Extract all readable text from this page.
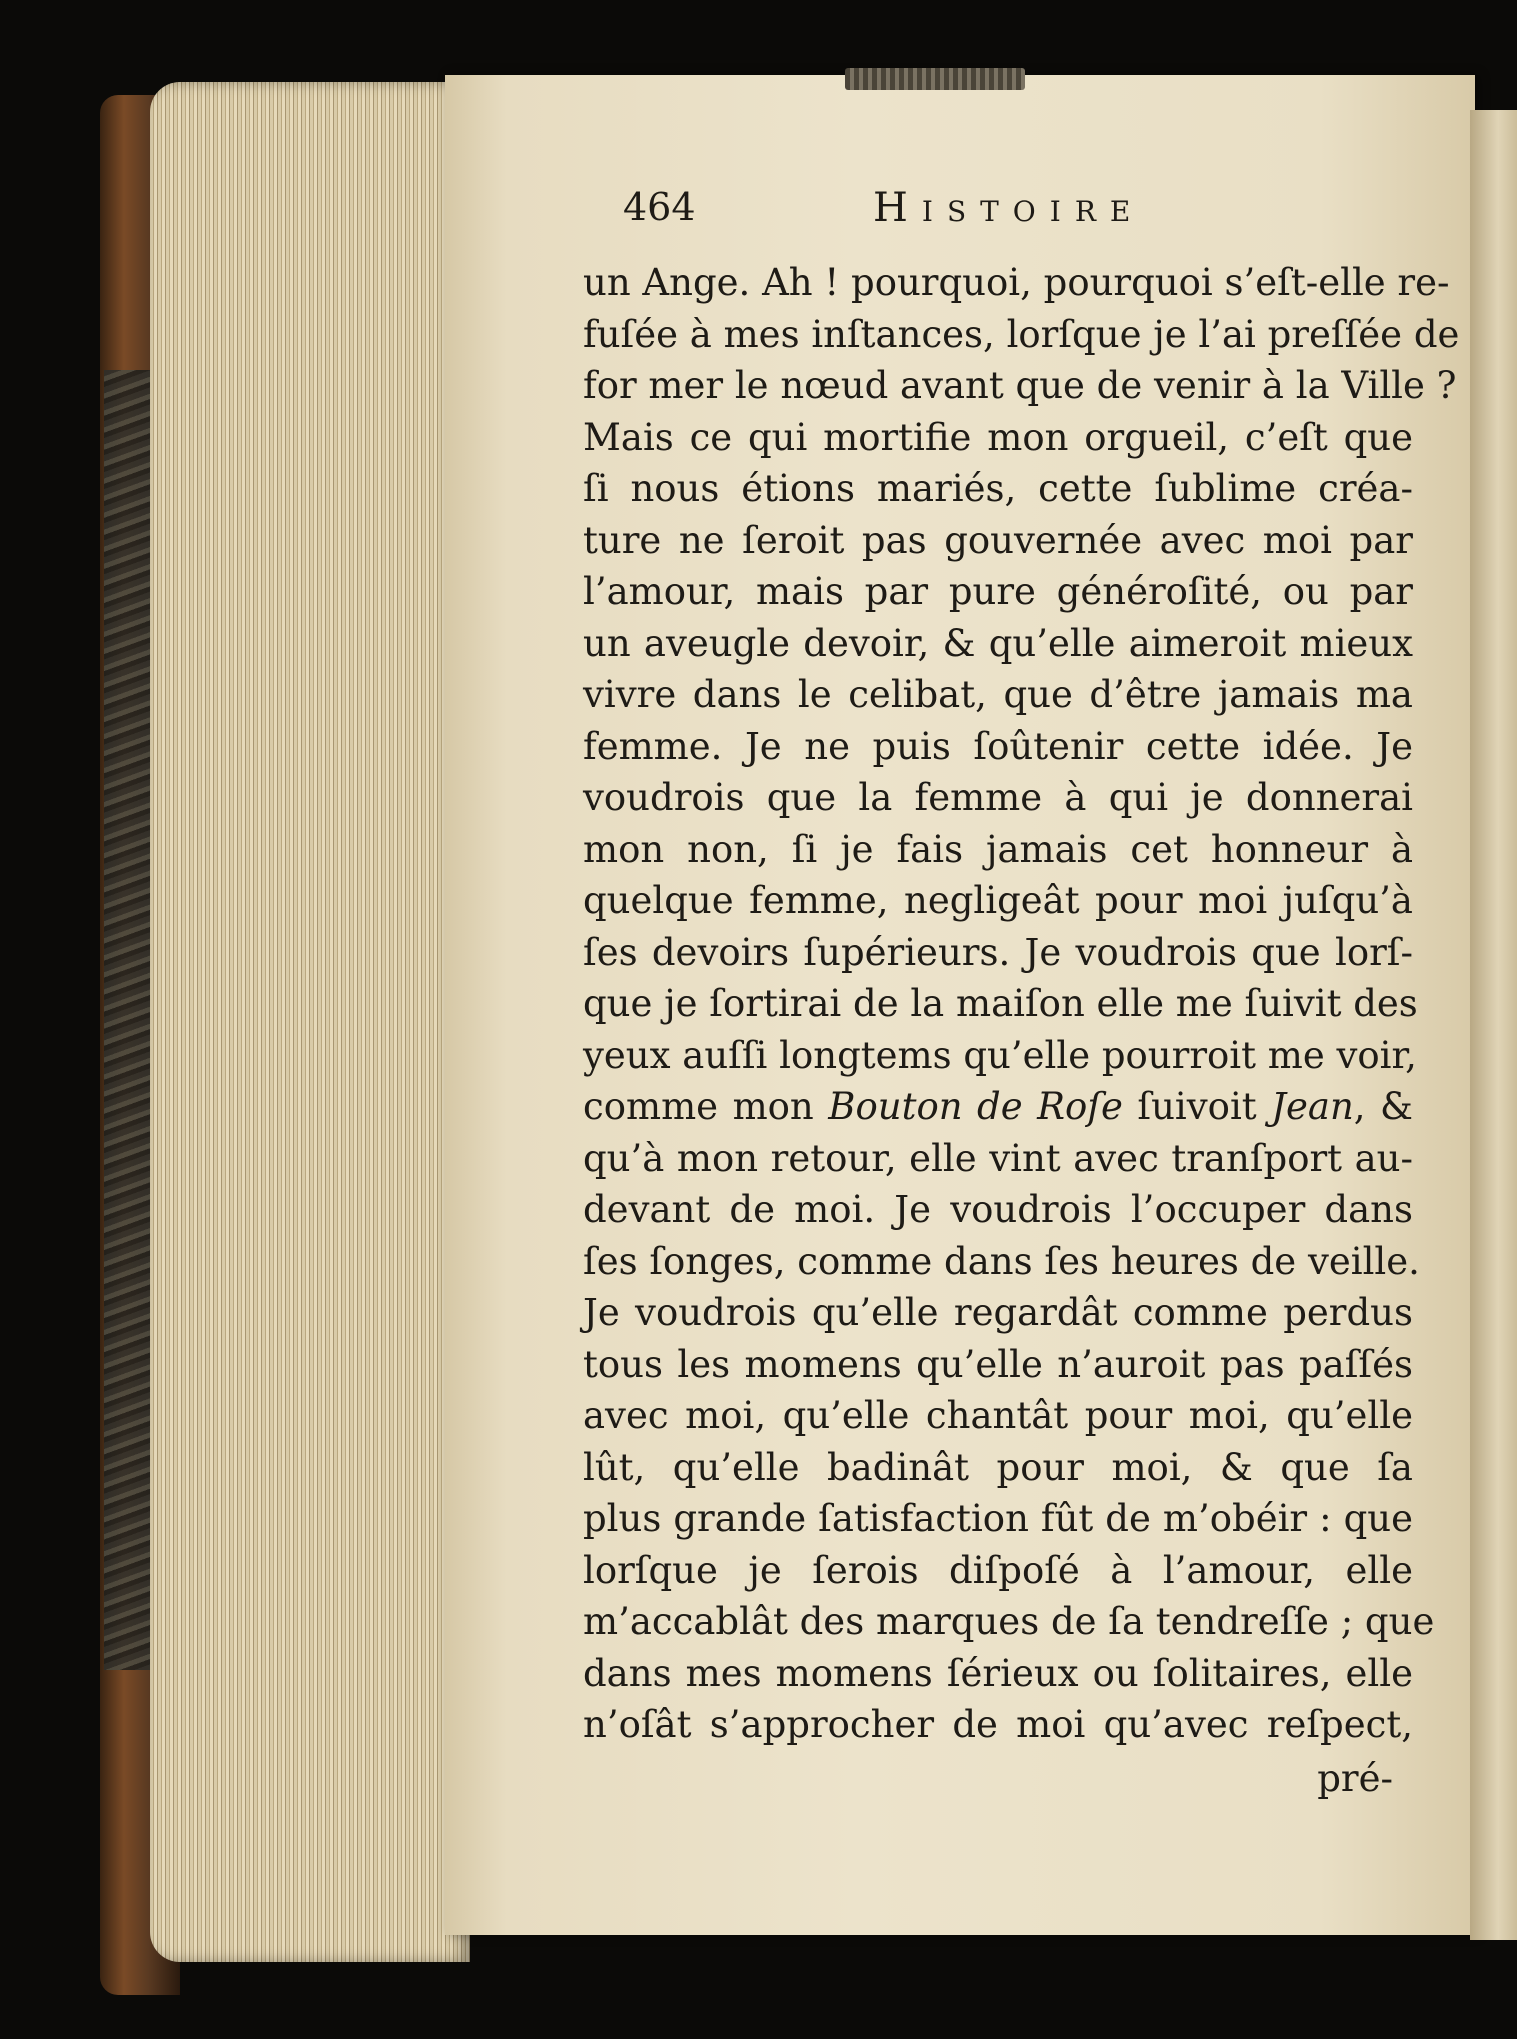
464	Histoire
un Ange. Ah ! pourquoi, pourquoi s’eſt-elle re-
fuſée à mes inſtances, lorſque je l’ai preſſée de
for mer le nœud avant que de venir à la Ville ?
Mais ce qui mortifie mon orgueil, c’eſt que
ſi nous étions mariés, cette ſublime créa-
ture ne ſeroit pas gouvernée avec moi par
l’amour, mais par pure généroſité, ou par
un aveugle devoir, & qu’elle aimeroit mieux
vivre dans le celibat, que d’être jamais ma
femme. Je ne puis ſoûtenir cette idée. Je
voudrois que la femme à qui je donnerai
mon non, ſi je fais jamais cet honneur à
quelque femme, negligeât pour moi juſqu’à
ſes devoirs ſupérieurs. Je voudrois que lorſ-
que je ſortirai de la maiſon elle me ſuivit des
yeux auſſi longtems qu’elle pourroit me voir,
comme mon Bouton de Roſe ſuivoit Jean, &
qu’à mon retour, elle vint avec tranſport au-
devant de moi. Je voudrois l’occuper dans
ſes ſonges, comme dans ſes heures de veille.
Je voudrois qu’elle regardât comme perdus
tous les momens qu’elle n’auroit pas paſſés
avec moi, qu’elle chantât pour moi, qu’elle
lût, qu’elle badinât pour moi, & que ſa
plus grande ſatisfaction fût de m’obéir : que
lorſque je ſerois diſpoſé à l’amour, elle
m’accablât des marques de ſa tendreſſe ; que
dans mes momens ſérieux ou ſolitaires, elle
n’oſât s’approcher de moi qu’avec reſpect,
pré-
